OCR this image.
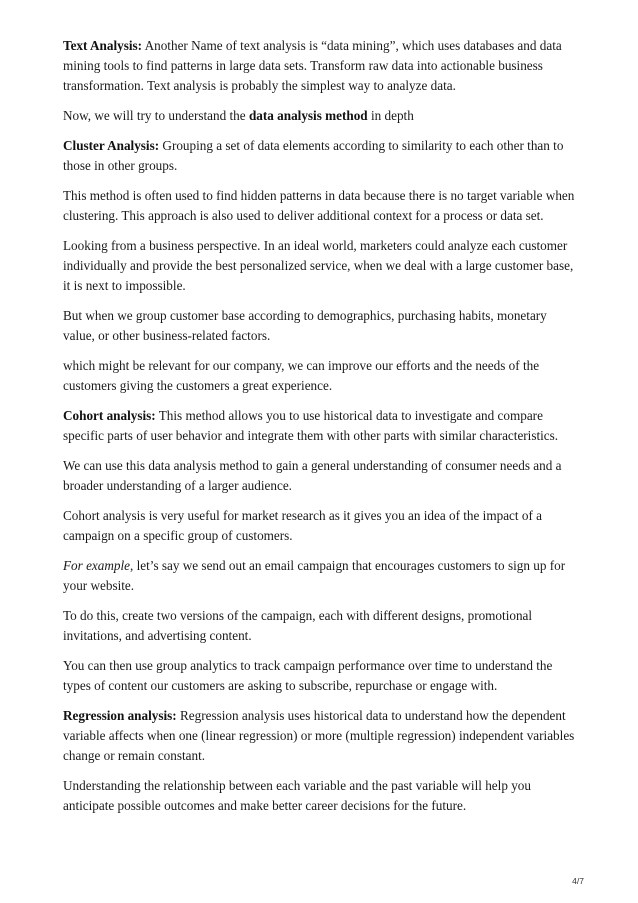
Text Analysis: Another Name of text analysis is “data mining”, which uses databases and data mining tools to find patterns in large data sets. Transform raw data into actionable business transformation. Text analysis is probably the simplest way to analyze data.

Now, we will try to understand the data analysis method in depth

Cluster Analysis: Grouping a set of data elements according to similarity to each other than to those in other groups.

This method is often used to find hidden patterns in data because there is no target variable when clustering. This approach is also used to deliver additional context for a process or data set.

Looking from a business perspective. In an ideal world, marketers could analyze each customer individually and provide the best personalized service, when we deal with a large customer base, it is next to impossible.

But when we group customer base according to demographics, purchasing habits, monetary value, or other business-related factors.

which might be relevant for our company, we can improve our efforts and the needs of the customers giving the customers a great experience.

Cohort analysis: This method allows you to use historical data to investigate and compare specific parts of user behavior and integrate them with other parts with similar characteristics.

We can use this data analysis method to gain a general understanding of consumer needs and a broader understanding of a larger audience.

Cohort analysis is very useful for market research as it gives you an idea of the impact of a campaign on a specific group of customers.

For example, let’s say we send out an email campaign that encourages customers to sign up for your website.

To do this, create two versions of the campaign, each with different designs, promotional invitations, and advertising content.

You can then use group analytics to track campaign performance over time to understand the types of content our customers are asking to subscribe, repurchase or engage with.

Regression analysis: Regression analysis uses historical data to understand how the dependent variable affects when one (linear regression) or more (multiple regression) independent variables change or remain constant.

Understanding the relationship between each variable and the past variable will help you anticipate possible outcomes and make better career decisions for the future.

4/7
